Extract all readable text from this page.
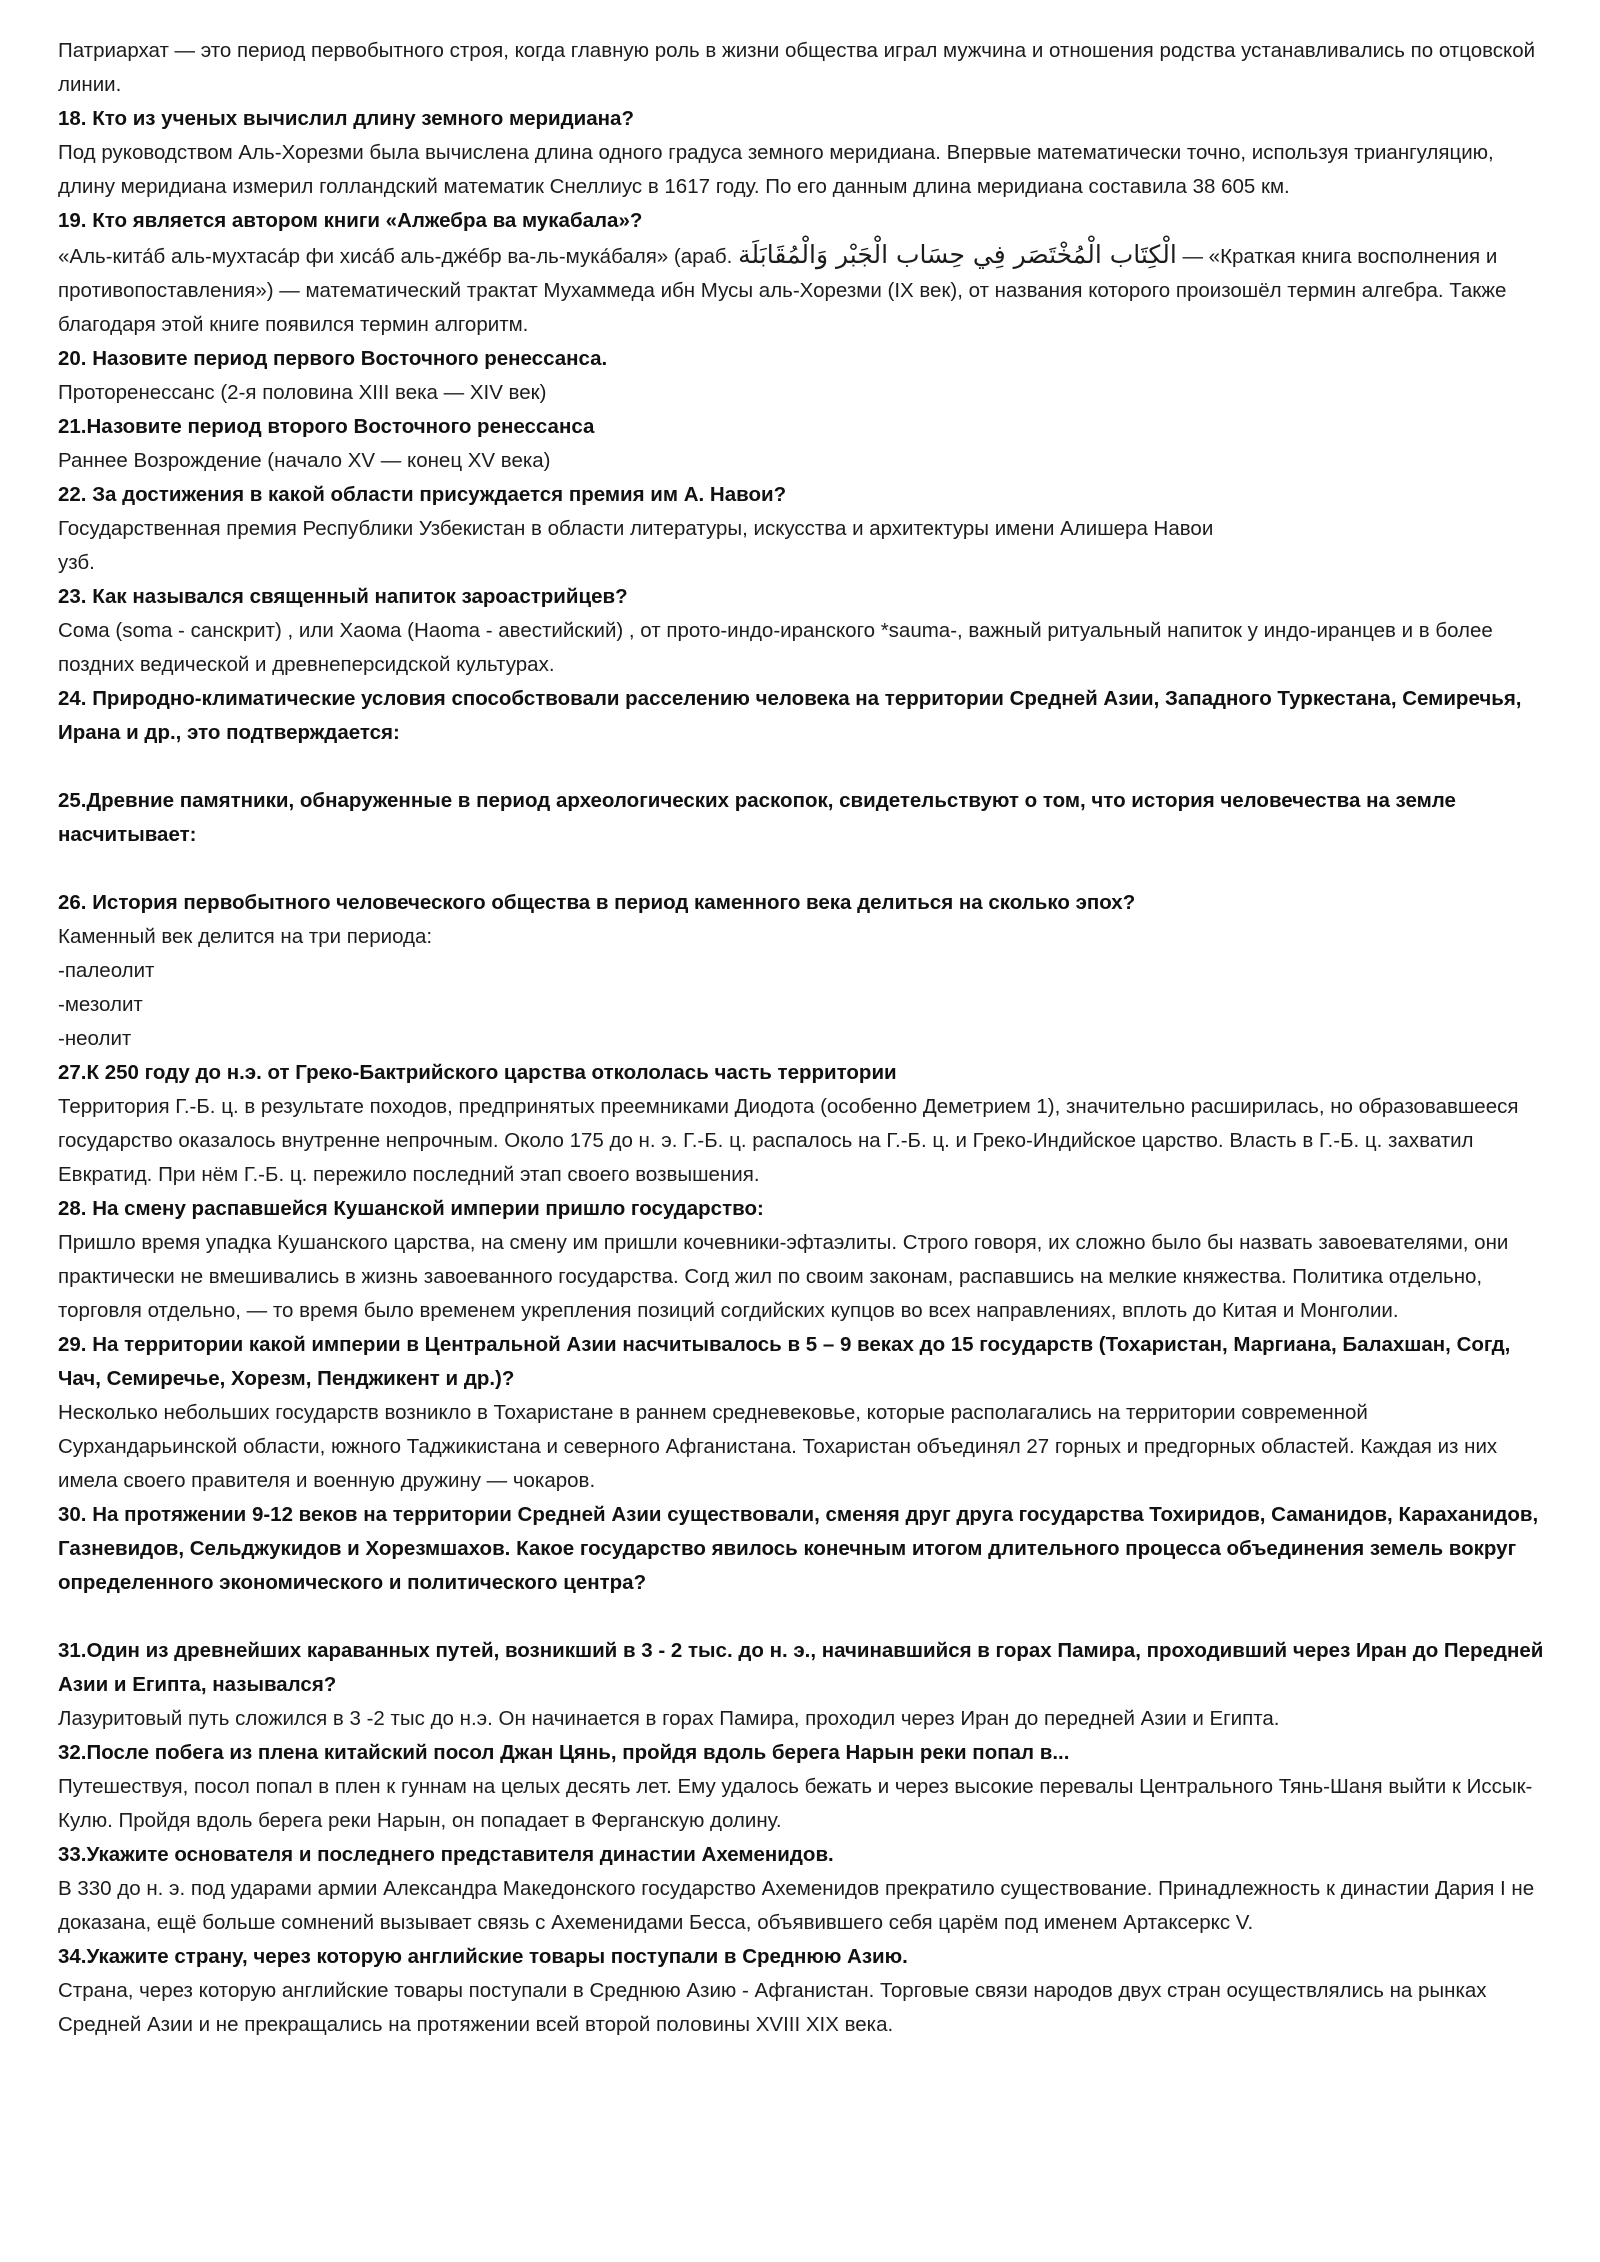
Патриархат — это период первобытного строя, когда главную роль в жизни общества играл мужчина и отношения родства устанавливались по отцовской линии.
18. Кто из ученых вычислил длину земного меридиана?
Под руководством Аль-Хорезми была вычислена длина одного градуса земного меридиана. Впервые математически точно, используя триангуляцию, длину меридиана измерил голландский математик Снеллиус в 1617 году. По его данным длина меридиана составила 38 605 км.
19. Кто является автором книги «Алжебра ва мукабала»?
«Аль-кита́б аль-мухтаса́р фи хиса́б аль-дже́бр ва-ль-мука́баля» (араб. الْكِتَاب الْمُخْتَصَر فِي حِسَاب الْجَبْر وَالْمُقَابَلَة — «Краткая книга восполнения и противопоставления») — математический трактат Мухаммеда ибн Мусы аль-Хорезми (IX век), от названия которого произошёл термин алгебра. Также благодаря этой книге появился термин алгоритм.
20. Назовите период первого Восточного ренессанса.
Проторенессанс (2-я половина XIII века — XIV век)
21.Назовите период второго Восточного ренессанса
Раннее Возрождение (начало XV — конец XV века)
22. За достижения в какой области присуждается премия им А. Навои?
Государственная премия Республики Узбекистан в области литературы, искусства и архитектуры имени Алишера Навои
узб.
23. Как назывался священный напиток зароастрийцев?
Сома (soma - санскрит) , или Хаома (Haoma - авестийский) , от прото-индо-иранского *sauma-, важный ритуальный напиток у индо-иранцев и в более поздних ведической и древнеперсидской культурах.
24. Природно-климатические условия способствовали расселению человека на территории Средней Азии, Западного Туркестана, Семиречья, Ирана и др., это подтверждается:
25.Древние памятники, обнаруженные в период археологических раскопок, свидетельствуют о том, что история человечества на земле насчитывает:
26. История первобытного человеческого общества в период каменного века делиться на сколько эпох?
Каменный век делится на три периода:
-палеолит
-мезолит
-неолит
27.К 250 году до н.э. от Греко-Бактрийского царства откололась часть территории
Территория Г.-Б. ц. в результате походов, предпринятых преемниками Диодота (особенно Деметрием 1), значительно расширилась, но образовавшееся государство оказалось внутренне непрочным. Около 175 до н. э. Г.-Б. ц. распалось на Г.-Б. ц. и Греко-Индийское царство. Власть в Г.-Б. ц. захватил Евкратид. При нём Г.-Б. ц. пережило последний этап своего возвышения.
28. На смену распавшейся Кушанской империи пришло государство:
Пришло время упадка Кушанского царства, на смену им пришли кочевники-эфтаэлиты. Строго говоря, их сложно было бы назвать завоевателями, они практически не вмешивались в жизнь завоеванного государства. Согд жил по своим законам, распавшись на мелкие княжества. Политика отдельно, торговля отдельно, — то время было временем укрепления позиций согдийских купцов во всех направлениях, вплоть до Китая и Монголии.
29. На территории какой империи в Центральной Азии насчитывалось в 5 – 9 веках до 15 государств (Тохаристан, Маргиана, Балахшан, Согд, Чач, Семиречье, Хорезм, Пенджикент и др.)?
Несколько небольших государств возникло в Тохаристане в раннем средневековье, которые располагались на территории современной Сурхандарьинской области, южного Таджикистана и северного Афганистана. Тохаристан объединял 27 горных и предгорных областей. Каждая из них имела своего правителя и военную дружину — чокаров.
30. На протяжении 9-12 веков на территории Средней Азии существовали, сменяя друг друга государства Тохиридов, Саманидов, Караханидов, Газневидов, Сельджукидов и Хорезмшахов. Какое государство явилось конечным итогом длительного процесса объединения земель вокруг определенного экономического и политического центра?
31.Один из древнейших караванных путей, возникший в 3 - 2 тыс. до н. э., начинавшийся в горах Памира, проходивший через Иран до Передней Азии и Египта, назывался?
Лазуритовый путь сложился в 3 -2 тыс до н.э. Он начинается в горах Памира, проходил через Иран до передней Азии и Египта.
32.После побега из плена китайский посол Джан Цянь, пройдя вдоль берега Нарын реки попал в...
Путешествуя, посол попал в плен к гуннам на целых десять лет. Ему удалось бежать и через высокие перевалы Центрального Тянь-Шаня выйти к Иссык-Кулю. Пройдя вдоль берега реки Нарын, он попадает в Ферганскую долину.
33.Укажите основателя и последнего представителя династии Ахеменидов.
В 330 до н. э. под ударами армии Александра Македонского государство Ахеменидов прекратило существование. Принадлежность к династии Дария I не доказана, ещё больше сомнений вызывает связь с Ахеменидами Бесса, объявившего себя царём под именем Артаксеркс V.
34.Укажите страну, через которую английские товары поступали в Среднюю Азию.
Страна, через которую английские товары поступали в Среднюю Азию - Афганистан. Торговые связи народов двух стран осуществлялись на рынках Средней Азии и не прекращались на протяжении всей второй половины XVIII XIX века.
